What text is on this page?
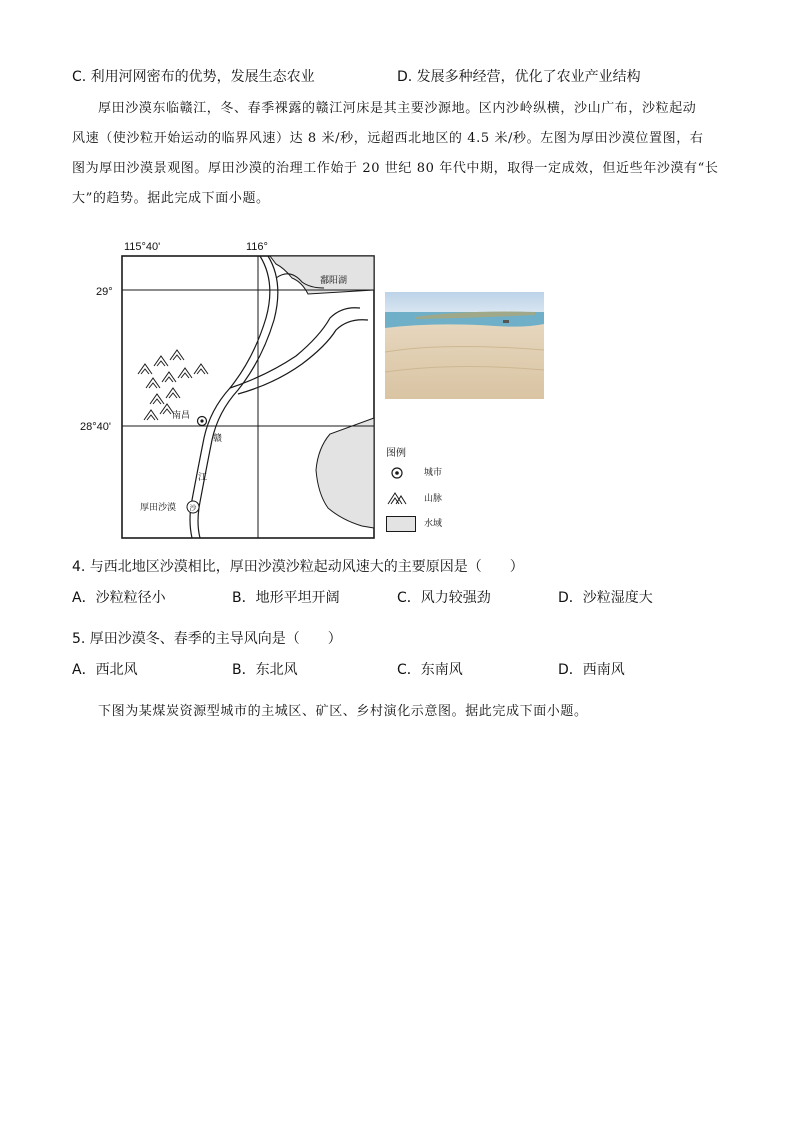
C. 利用河网密布的优势，发展生态农业	D. 发展多种经营，优化了农业产业结构

厚田沙漠东临赣江，冬、春季裸露的赣江河床是其主要沙源地。区内沙岭纵横，沙山广布，沙粒起动

风速（使沙粒开始运动的临界风速）达 8 米/秒，远超西北地区的 4.5 米/秒。左图为厚田沙漠位置图，右

图为厚田沙漠景观图。厚田沙漠的治理工作始于 20 世纪 80 年代中期，取得一定成效，但近些年沙漠有“长

大”的趋势。据此完成下面小题。

沙
115°40'	116°
29°
28°40'
鄱阳湖
南昌
赣
江
厚田沙漠
图例
城市
山脉
水域
4. 与西北地区沙漠相比，厚田沙漠沙粒起动风速大的主要原因是（　　）
A．沙粒粒径小	B．地形平坦开阔	C．风力较强劲	D．沙粒湿度大
5. 厚田沙漠冬、春季的主导风向是（　　）
A．西北风	B．东北风	C．东南风	D．西南风

下图为某煤炭资源型城市的主城区、矿区、乡村演化示意图。据此完成下面小题。
